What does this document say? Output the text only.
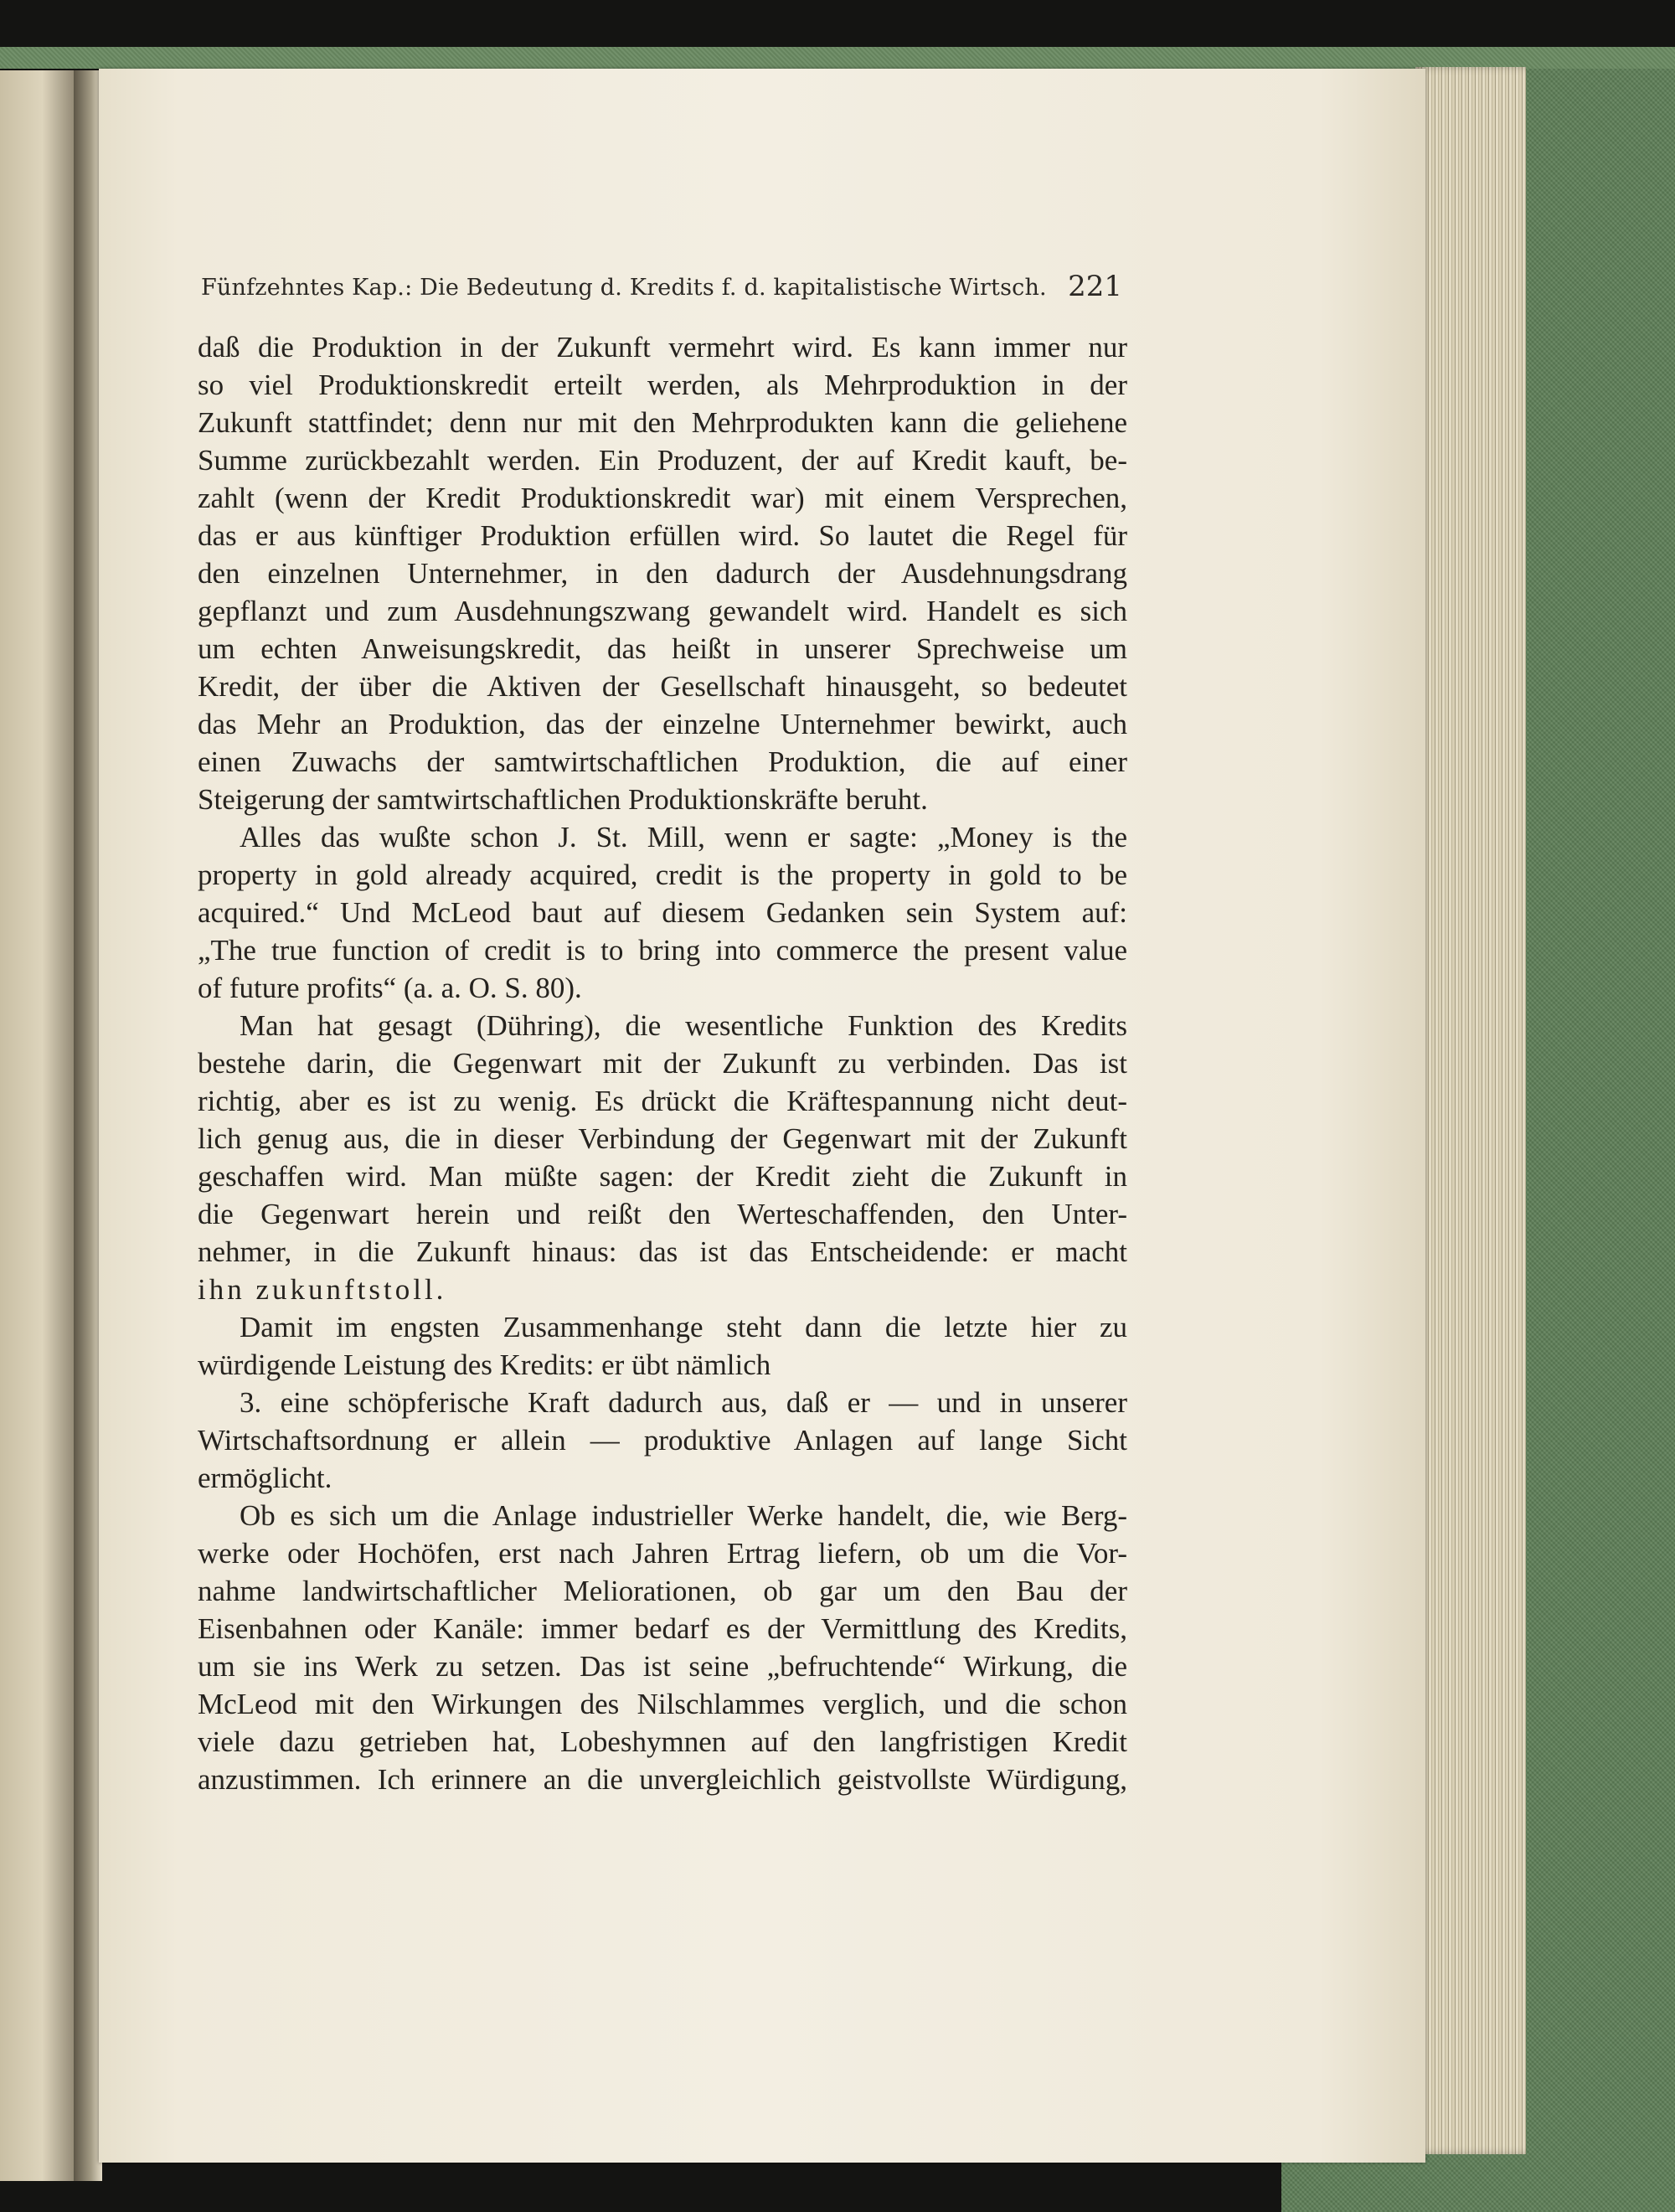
Fünfzehntes Kap.: Die Bedeutung d. Kredits f. d. kapitalistische Wirtsch. 221
daß die Produktion in der Zukunft vermehrt wird. Es kann immer nur
so viel Produktionskredit erteilt werden, als Mehrproduktion in der
Zukunft stattfindet; denn nur mit den Mehrprodukten kann die geliehene
Summe zurückbezahlt werden. Ein Produzent, der auf Kredit kauft, be-
zahlt (wenn der Kredit Produktionskredit war) mit einem Versprechen,
das er aus künftiger Produktion erfüllen wird. So lautet die Regel für
den einzelnen Unternehmer, in den dadurch der Ausdehnungsdrang
gepflanzt und zum Ausdehnungszwang gewandelt wird. Handelt es sich
um echten Anweisungskredit, das heißt in unserer Sprechweise um
Kredit, der über die Aktiven der Gesellschaft hinausgeht, so bedeutet
das Mehr an Produktion, das der einzelne Unternehmer bewirkt, auch
einen Zuwachs der samtwirtschaftlichen Produktion, die auf einer
Steigerung der samtwirtschaftlichen Produktionskräfte beruht.
Alles das wußte schon J. St. Mill, wenn er sagte: „Money is the
property in gold already acquired, credit is the property in gold to be
acquired.“ Und McLeod baut auf diesem Gedanken sein System auf:
„The true function of credit is to bring into commerce the present value
of future profits“ (a. a. O. S. 80).
Man hat gesagt (Dühring), die wesentliche Funktion des Kredits
bestehe darin, die Gegenwart mit der Zukunft zu verbinden. Das ist
richtig, aber es ist zu wenig. Es drückt die Kräftespannung nicht deut-
lich genug aus, die in dieser Verbindung der Gegenwart mit der Zukunft
geschaffen wird. Man müßte sagen: der Kredit zieht die Zukunft in
die Gegenwart herein und reißt den Werteschaffenden, den Unter-
nehmer, in die Zukunft hinaus: das ist das Entscheidende: er macht
ihn zukunftstoll.
Damit im engsten Zusammenhange steht dann die letzte hier zu
würdigende Leistung des Kredits: er übt nämlich
3. eine schöpferische Kraft dadurch aus, daß er — und in unserer
Wirtschaftsordnung er allein — produktive Anlagen auf lange Sicht
ermöglicht.
Ob es sich um die Anlage industrieller Werke handelt, die, wie Berg-
werke oder Hochöfen, erst nach Jahren Ertrag liefern, ob um die Vor-
nahme landwirtschaftlicher Meliorationen, ob gar um den Bau der
Eisenbahnen oder Kanäle: immer bedarf es der Vermittlung des Kredits,
um sie ins Werk zu setzen. Das ist seine „befruchtende“ Wirkung, die
McLeod mit den Wirkungen des Nilschlammes verglich, und die schon
viele dazu getrieben hat, Lobeshymnen auf den langfristigen Kredit
anzustimmen. Ich erinnere an die unvergleichlich geistvollste Würdigung,
